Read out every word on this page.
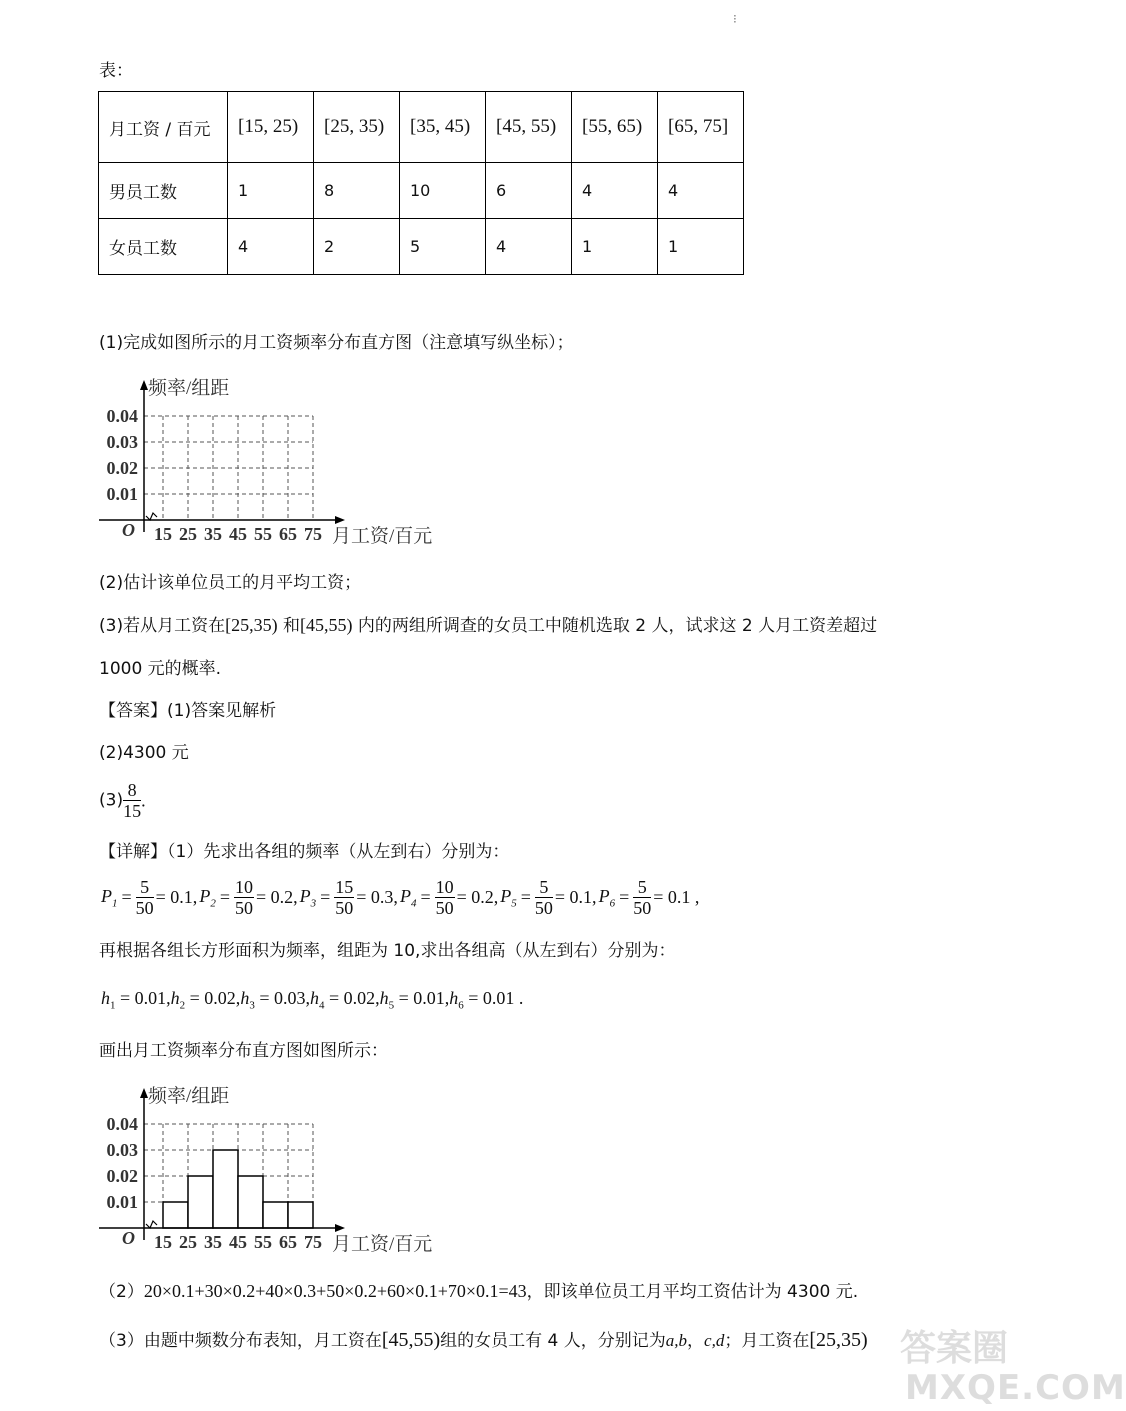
⁝
表：
月工资 / 百元	[15, 25)	[25, 35)	[35, 45)	[45, 55)	[55, 65)	[65, 75]
男员工数	1	8	10	6	4	4
女员工数	4	2	5	4	1	1
(1)完成如图所示的月工资频率分布直方图（注意填写纵坐标）；
0.01
0.02
0.03
0.04
15 25 35 45 55 65 75
O
频率/组距
月工资/百元
(2)估计该单位员工的月平均工资；
(3)若从月工资在[25,35) 和[45,55) 内的两组所调查的女员工中随机选取 2 人，试求这 2 人月工资差超过
1000 元的概率.
【答案】(1)答案见解析
(2)4300 元
$(3) \frac{8}{15}$ .
【详解】（1）先求出各组的频率（从左到右）分别为：
$P_1 = \frac{5}{50} = 0.1$, $P_2 = \frac{10}{50} = 0.2$, $P_3 = \frac{15}{50} = 0.3$, $P_4 = \frac{10}{50} = 0.2$, $P_5 = \frac{5}{50} = 0.1$, $P_6 = \frac{5}{50} = 0.1$ ,
再根据各组长方形面积为频率，组距为 10,求出各组高（从左到右）分别为：
$h_1 = 0.01,h_2 = 0.02,h_3 = 0.03,h_4 = 0.02,h_5 = 0.01,h_6 = 0.01$ .
画出月工资频率分布直方图如图所示：
0.01
0.02
0.03
0.04
15 25 35 45 55 65 75
O
频率/组距
月工资/百元
（2）20×0.1+30×0.2+40×0.3+50×0.2+60×0.1+70×0.1=43，即该单位员工月平均工资估计为 4300 元.
（3）由题中频数分布表知，月工资在[45,55)组的女员工有 4 人，分别记为a,b，c,d；月工资在[25,35) 答案圈
MXQE.COM
